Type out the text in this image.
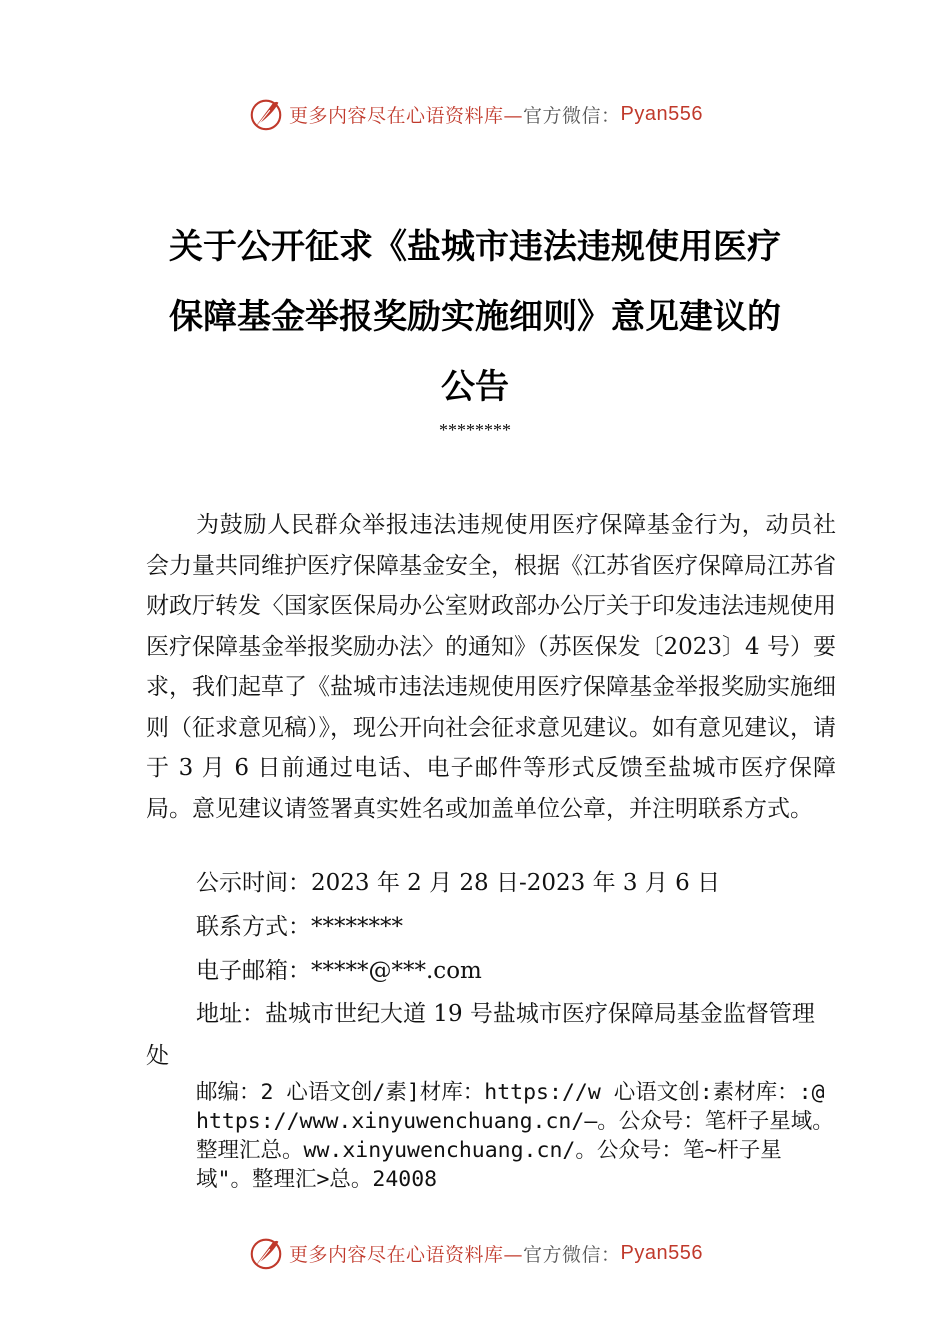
更多内容尽在心语资料库— 官方微信： Pyan556
关于公开征求《盐城市违法违规使用医疗
保障基金举报奖励实施细则》意见建议的
公告
********
为鼓励人民群众举报违法违规使用医疗保障基金行为，动员社会力量共同维护医疗保障基金安全，根据《江苏省医疗保障局江苏省财政厅转发〈国家医保局办公室财政部办公厅关于印发违法违规使用医疗保障基金举报奖励办法〉的通知》（苏医保发〔2023〕4 号）要求，我们起草了《盐城市违法违规使用医疗保障基金举报奖励实施细则（征求意见稿）》，现公开向社会征求意见建议。如有意见建议，请于 3 月 6 日前通过电话、电子邮件等形式反馈至盐城市医疗保障局。意见建议请签署真实姓名或加盖单位公章，并注明联系方式。
公示时间：2023 年 2 月 28 日-2023 年 3 月 6 日
联系方式：********
电子邮箱：*****@***.com
地址：盐城市世纪大道 19 号盐城市医疗保障局基金监督管理处
邮编：2 心语文创/素]材库：https://w 心语文创:素材库：:@https://www.xinyuwenchuang.cn/—。公众号：笔杆子星域。整理汇总。ww.xinyuwenchuang.cn/。公众号：笔~杆子星域"。整理汇>总。24008
更多内容尽在心语资料库— 官方微信： Pyan556
